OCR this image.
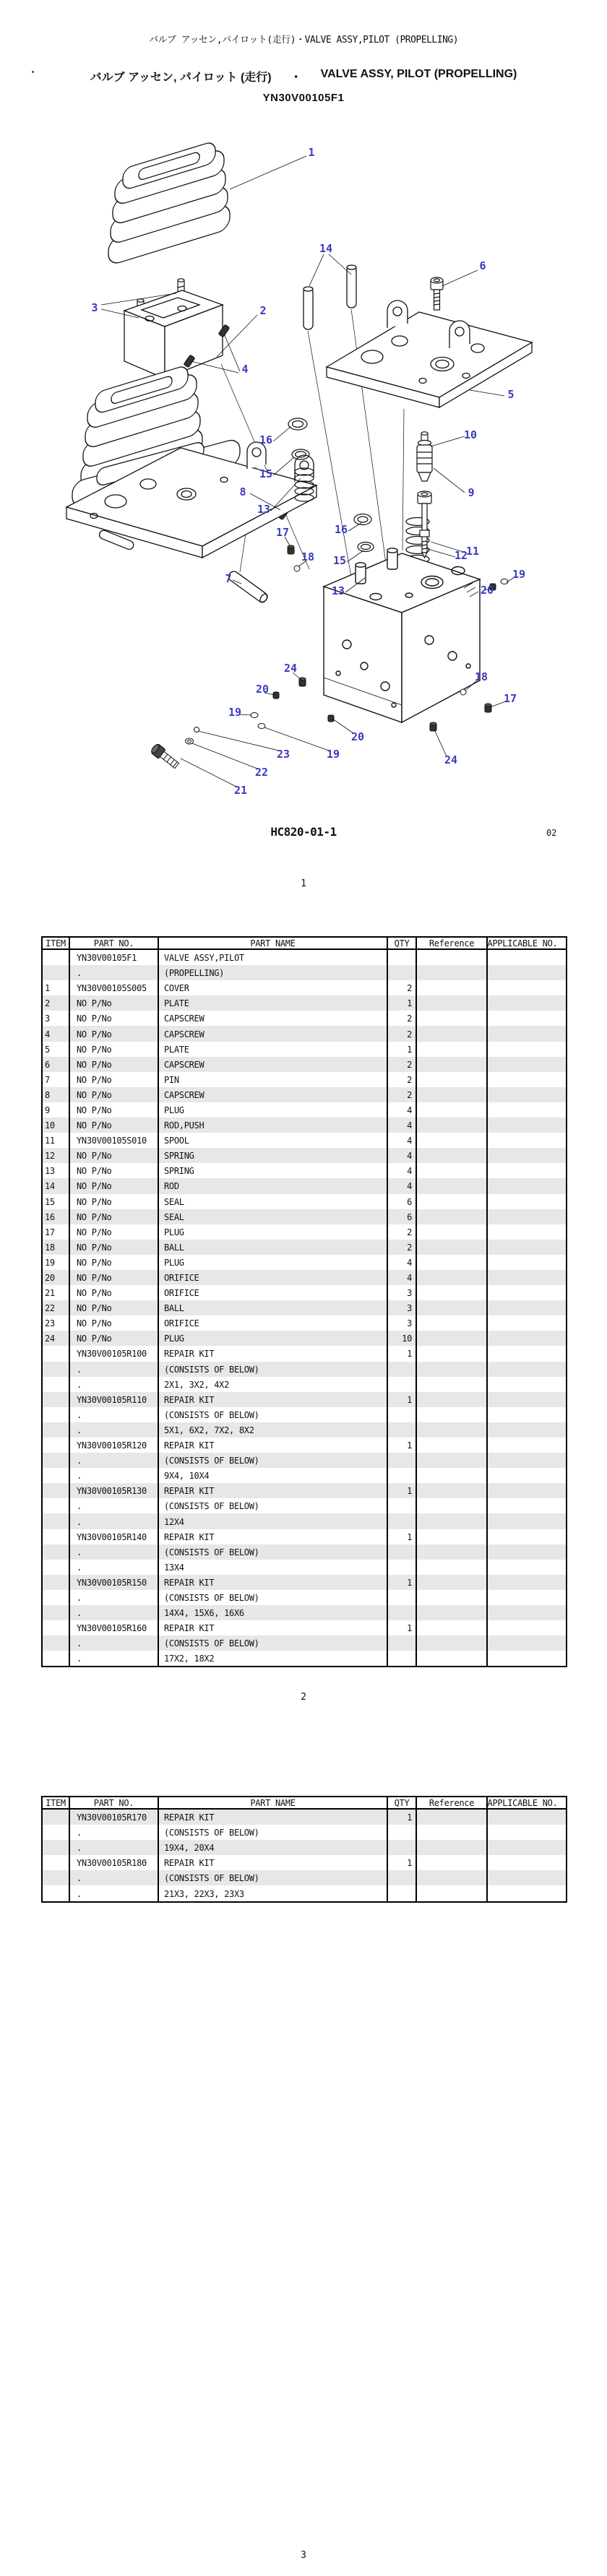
バルブ アッセン,パイロット(走行)・VALVE ASSY,PILOT (PROPELLING)
バルブ アッセン, パイロット (走行) ・ VALVE ASSY, PILOT (PROPELLING)
YN30V00105F1
1
3	2
14
6
4
5
16
15
13
10
9
8
11
16
15
13
17
18
7
12
19
20
24
20
19
18
17
21
22
23	19
20
24
HC820-01-1	02
1
2
3
ITEM	PART NO.	PART NAME	QTY	Reference	APPLICABLE NO.
YN30V00105F1	VALVE ASSY,PILOT
.	(PROPELLING)
1	YN30V00105S005	COVER	2
2	NO P/No	PLATE	1
3	NO P/No	CAPSCREW	2
4	NO P/No	CAPSCREW	2
5	NO P/No	PLATE	1
6	NO P/No	CAPSCREW	2
7	NO P/No	PIN	2
8	NO P/No	CAPSCREW	2
9	NO P/No	PLUG	4
10	NO P/No	ROD,PUSH	4
11	YN30V00105S010	SPOOL	4
12	NO P/No	SPRING	4
13	NO P/No	SPRING	4
14	NO P/No	ROD	4
15	NO P/No	SEAL	6
16	NO P/No	SEAL	6
17	NO P/No	PLUG	2
18	NO P/No	BALL	2
19	NO P/No	PLUG	4
20	NO P/No	ORIFICE	4
21	NO P/No	ORIFICE	3
22	NO P/No	BALL	3
23	NO P/No	ORIFICE	3
24	NO P/No	PLUG	10
YN30V00105R100	REPAIR KIT	1
.	(CONSISTS OF BELOW)
.	2X1, 3X2, 4X2
YN30V00105R110	REPAIR KIT	1
.	(CONSISTS OF BELOW)
.	5X1, 6X2, 7X2, 8X2
YN30V00105R120	REPAIR KIT	1
.	(CONSISTS OF BELOW)
.	9X4, 10X4
YN30V00105R130	REPAIR KIT	1
.	(CONSISTS OF BELOW)
.	12X4
YN30V00105R140	REPAIR KIT	1
.	(CONSISTS OF BELOW)
.	13X4
YN30V00105R150	REPAIR KIT	1
.	(CONSISTS OF BELOW)
.	14X4, 15X6, 16X6
YN30V00105R160	REPAIR KIT	1
.	(CONSISTS OF BELOW)
.	17X2, 18X2
ITEM	PART NO.	PART NAME	QTY	Reference	APPLICABLE NO.
YN30V00105R170	REPAIR KIT	1
.	(CONSISTS OF BELOW)
.	19X4, 20X4
YN30V00105R180	REPAIR KIT	1
.	(CONSISTS OF BELOW)
.	21X3, 22X3, 23X3
